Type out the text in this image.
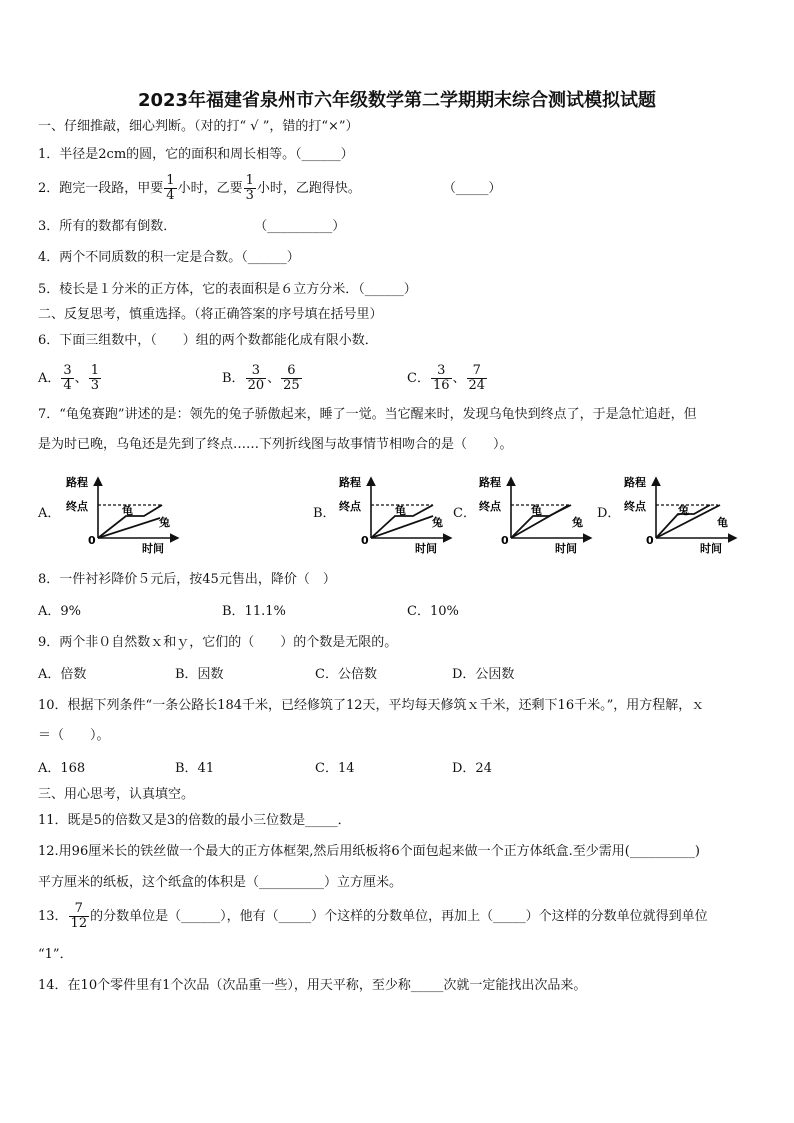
2023年福建省泉州市六年级数学第二学期期末综合测试模拟试题
一、仔细推敲，细心判断。（对的打“ √ ”，错的打“×”）
1．半径是2cm的圆，它的面积和周长相等。（______）
2．跑完一段路，甲要 $\frac{1}{4}$ 小时，乙要 $\frac{1}{3}$ 小时，乙跑得快。	（_____）
3．所有的数都有倒数．	（__________）
4．两个不同质数的积一定是合数。（______）
5．棱长是１分米的正方体，它的表面积是６立方分米．（______）
二、反复思考，慎重选择。（将正确答案的序号填在括号里）
6．下面三组数中，（　　）组的两个数都能化成有限小数．
A． $\frac{3}{4}$ 、 $\frac{1}{3}$	B． $\frac{3}{20}$ 、 $\frac{6}{25}$	C． $\frac{3}{16}$ 、 $\frac{7}{24}$
7．“龟兔赛跑”讲述的是：领先的兔子骄傲起来，睡了一觉。当它醒来时，发现乌龟快到终点了，于是急忙追赶，但
是为时已晚，乌龟还是先到了终点……下列折线图与故事情节相吻合的是（　　）。
A．	B．	C．	D．
路程
终点	龟
兔
0
时间
路程
终点	龟
兔
0
时间
路程
终点	龟
兔
0
时间
路程
终点	兔
龟
0
时间
8．一件衬衫降价５元后，按45元售出，降价（　）
A．9%	B．11.1%	C．10%
9．两个非０自然数ｘ和ｙ，它们的（　　）的个数是无限的。
A．倍数	B．因数	C．公倍数	D．公因数
10．根据下列条件“一条公路长184千米，已经修筑了12天，平均每天修筑ｘ千米，还剩下16千米。”，用方程解，ｘ
＝（　　）。
A．168	B．41	C．14	D．24
三、用心思考，认真填空。
11．既是5的倍数又是3的倍数的最小三位数是_____．
12.用96厘米长的铁丝做一个最大的正方体框架,然后用纸板将6个面包起来做一个正方体纸盒.至少需用(__________)
平方厘米的纸板，这个纸盒的体积是（__________）立方厘米。
13． $\frac{7}{12}$ 的分数单位是（______），他有（_____）个这样的分数单位，再加上（_____）个这样的分数单位就得到单位
“1”．
14．在10个零件里有1个次品（次品重一些），用天平称，至少称_____次就一定能找出次品来。
